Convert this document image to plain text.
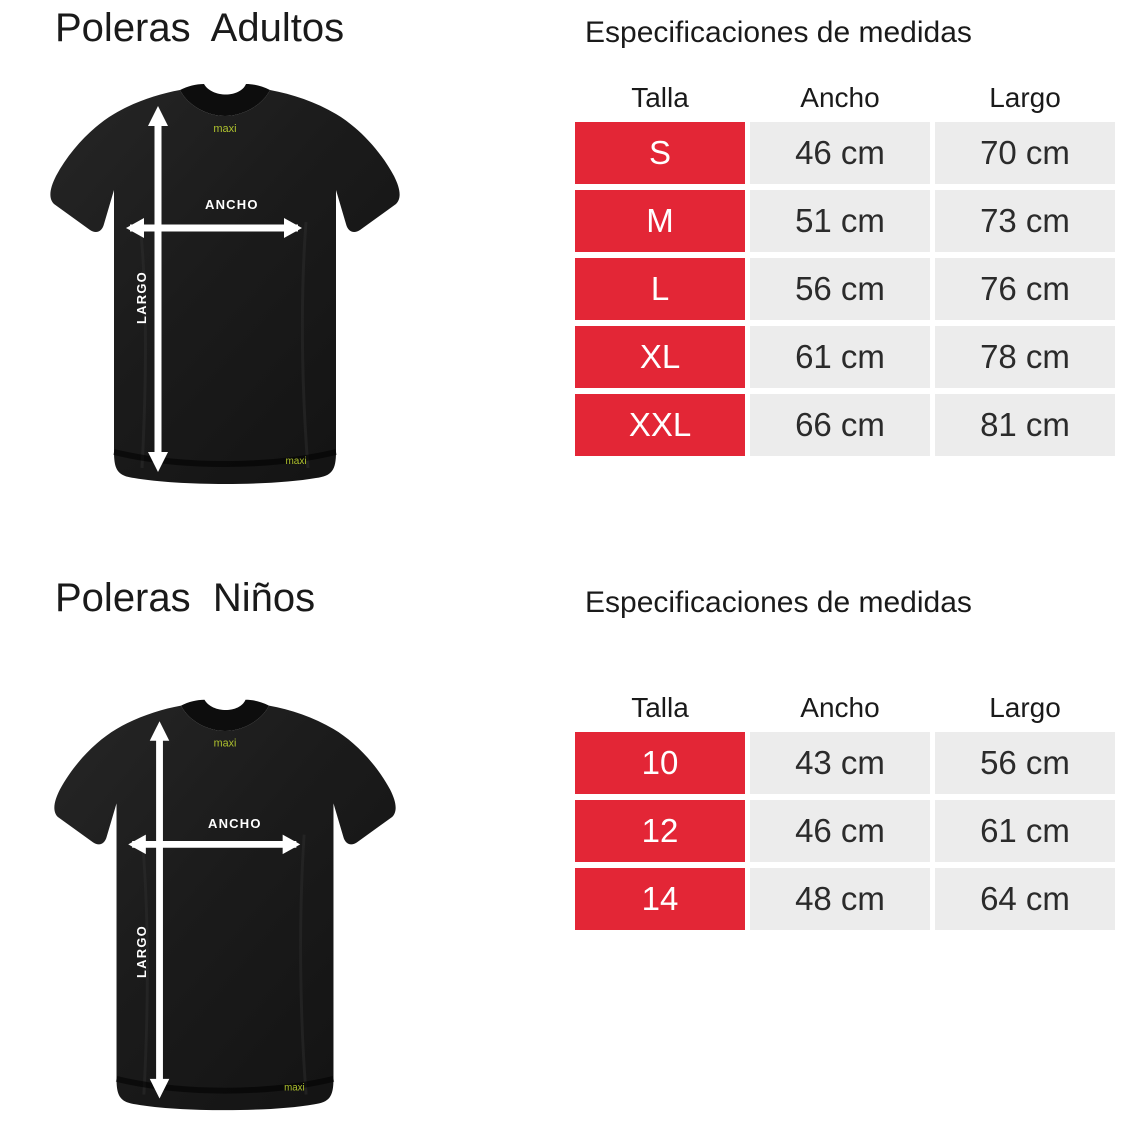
Poleras  Adultos	Especificaciones de medidas
maxi
maxi
ANCHO
LARGO
Talla	Ancho	Largo
S	46 cm	70 cm
M	51 cm	73 cm
L	56 cm	76 cm
XL	61 cm	78 cm
XXL	66 cm	81 cm
Poleras  Niños	Especificaciones de medidas
maxi
maxi
ANCHO
LARGO
Talla	Ancho	Largo
10	43 cm	56 cm
12	46 cm	61 cm
14	48 cm	64 cm
